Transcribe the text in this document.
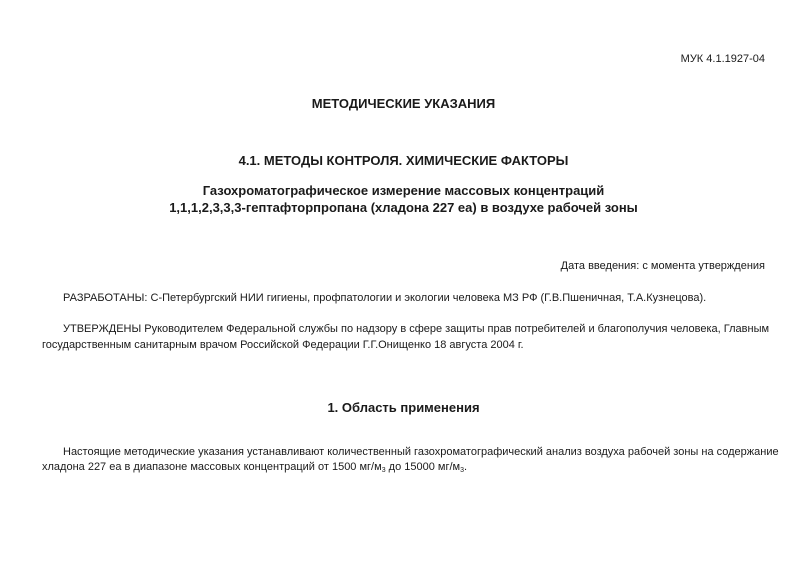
МУК 4.1.1927-04
МЕТОДИЧЕСКИЕ УКАЗАНИЯ
4.1. МЕТОДЫ КОНТРОЛЯ. ХИМИЧЕСКИЕ ФАКТОРЫ
Газохроматографическое измерение массовых концентраций
1,1,1,2,3,3,3-гептафторпропана (хладона 227 еа) в воздухе рабочей зоны
Дата введения: с момента утверждения
РАЗРАБОТАНЫ: С-Петербургский НИИ гигиены, профпатологии и экологии человека МЗ РФ (Г.В.Пшеничная, Т.А.Кузнецова).
УТВЕРЖДЕНЫ Руководителем Федеральной службы по надзору в сфере защиты прав потребителей и благополучия человека, Главным
государственным санитарным врачом Российской Федерации Г.Г.Онищенко 18 августа 2004 г.
1. Область применения
Настоящие методические указания устанавливают количественный газохроматографический анализ воздуха рабочей зоны на содержание
хладона 227 еа в диапазоне массовых концентраций от 1500 $мг/м_3$ до 15000 $мг/м_3$.
